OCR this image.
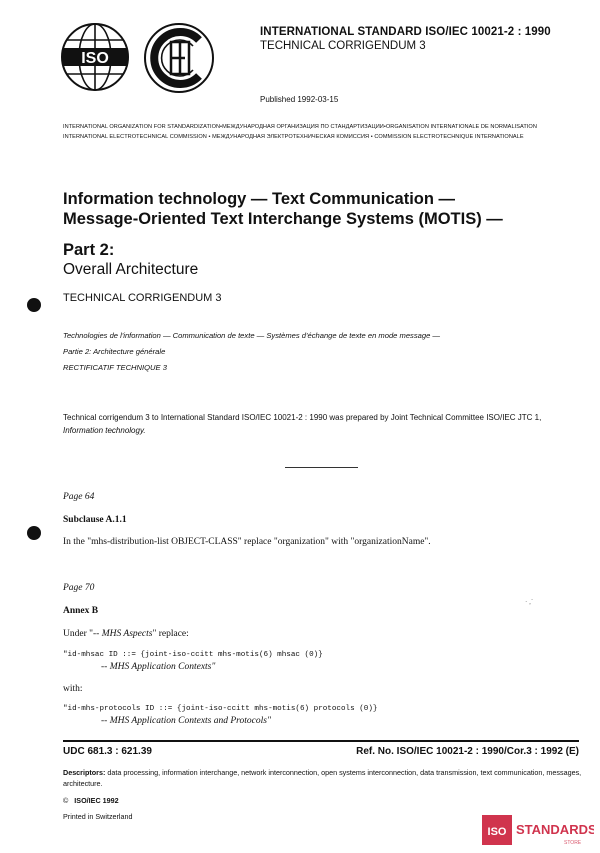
ISO
INTERNATIONAL STANDARD ISO/IEC 10021-2 : 1990
TECHNICAL CORRIGENDUM 3
Published 1992-03-15
INTERNATIONAL ORGANIZATION FOR STANDARDIZATION•МЕЖДУНАРОДНАЯ ОРГАНИЗАЦИЯ ПО СТАНДАРТИЗАЦИИ•ORGANISATION INTERNATIONALE DE NORMALISATION
INTERNATIONAL ELECTROTECHNICAL COMMISSION • МЕЖДУНАРОДНАЯ ЭЛЕКТРОТЕХНИЧЕСКАЯ КОМИССИЯ • COMMISSION ELECTROTECHNIQUE INTERNATIONALE
Information technology — Text Communication —
Message-Oriented Text Interchange Systems (MOTIS) —
Part 2:
Overall Architecture
TECHNICAL CORRIGENDUM 3
Technologies de l'information — Communication de texte — Systèmes d'échange de texte en mode message —
Partie 2: Architecture générale
RECTIFICATIF TECHNIQUE 3
Technical corrigendum 3 to International Standard ISO/IEC 10021-2 : 1990 was prepared by Joint Technical Committee ISO/IEC JTC 1, Information technology.
Page 64
Subclause A.1.1
In the "mhs-distribution-list OBJECT-CLASS" replace "organization" with "organizationName".
Page 70
· ,´
Annex B
Under "-- MHS Aspects" replace:
"id-mhsac ID ::= {joint-iso-ccitt mhs-motis(6) mhsac (0)}
-- MHS Application Contexts"
with:
"id-mhs-protocols ID ::= {joint-iso-ccitt mhs-motis(6) protocols (0)}
-- MHS Application Contexts and Protocols"
UDC 681.3 : 621.39	Ref. No. ISO/IEC 10021-2 : 1990/Cor.3 : 1992 (E)
Descriptors: data processing, information interchange, network interconnection, open systems interconnection, data transmission, text communication, messages, architecture.
© ISO/IEC 1992
Printed in Switzerland
ISO STANDARDS
STORE
